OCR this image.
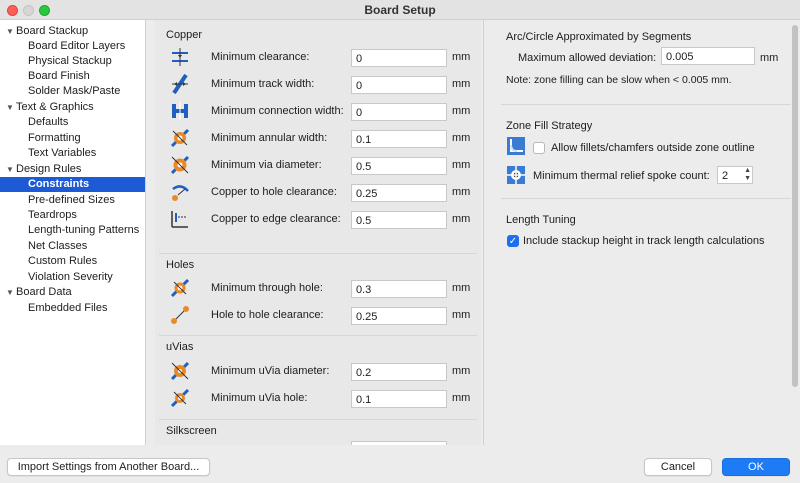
Board Setup
▼ Board Stackup
Board Editor Layers
Physical Stackup
Board Finish
Solder Mask/Paste
▼ Text & Graphics
Defaults
Formatting
Text Variables
▼ Design Rules
Constraints
Pre-defined Sizes
Teardrops
Length-tuning Patterns
Net Classes
Custom Rules
Violation Severity
▼ Board Data
Embedded Files
Copper
Minimum clearance:	0	mm
Minimum track width:	0	mm
Minimum connection width:	0	mm
Minimum annular width:	0.1	mm
Minimum via diameter:	0.5	mm
Copper to hole clearance:	0.25	mm
Copper to edge clearance:	0.5	mm
Holes
Minimum through hole:	0.3	mm
Hole to hole clearance:	0.25	mm
uVias
Minimum uVia diameter:	0.2	mm
Minimum uVia hole:	0.1	mm
Silkscreen
Arc/Circle Approximated by Segments
Maximum allowed deviation: 0.005	mm
Note: zone filling can be slow when < 0.005 mm.
Zone Fill Strategy
Allow fillets/chamfers outside zone outline
Minimum thermal relief spoke count:	2 ▲
▼
Length Tuning
✓ Include stackup height in track length calculations
Import Settings from Another Board...	Cancel	OK
